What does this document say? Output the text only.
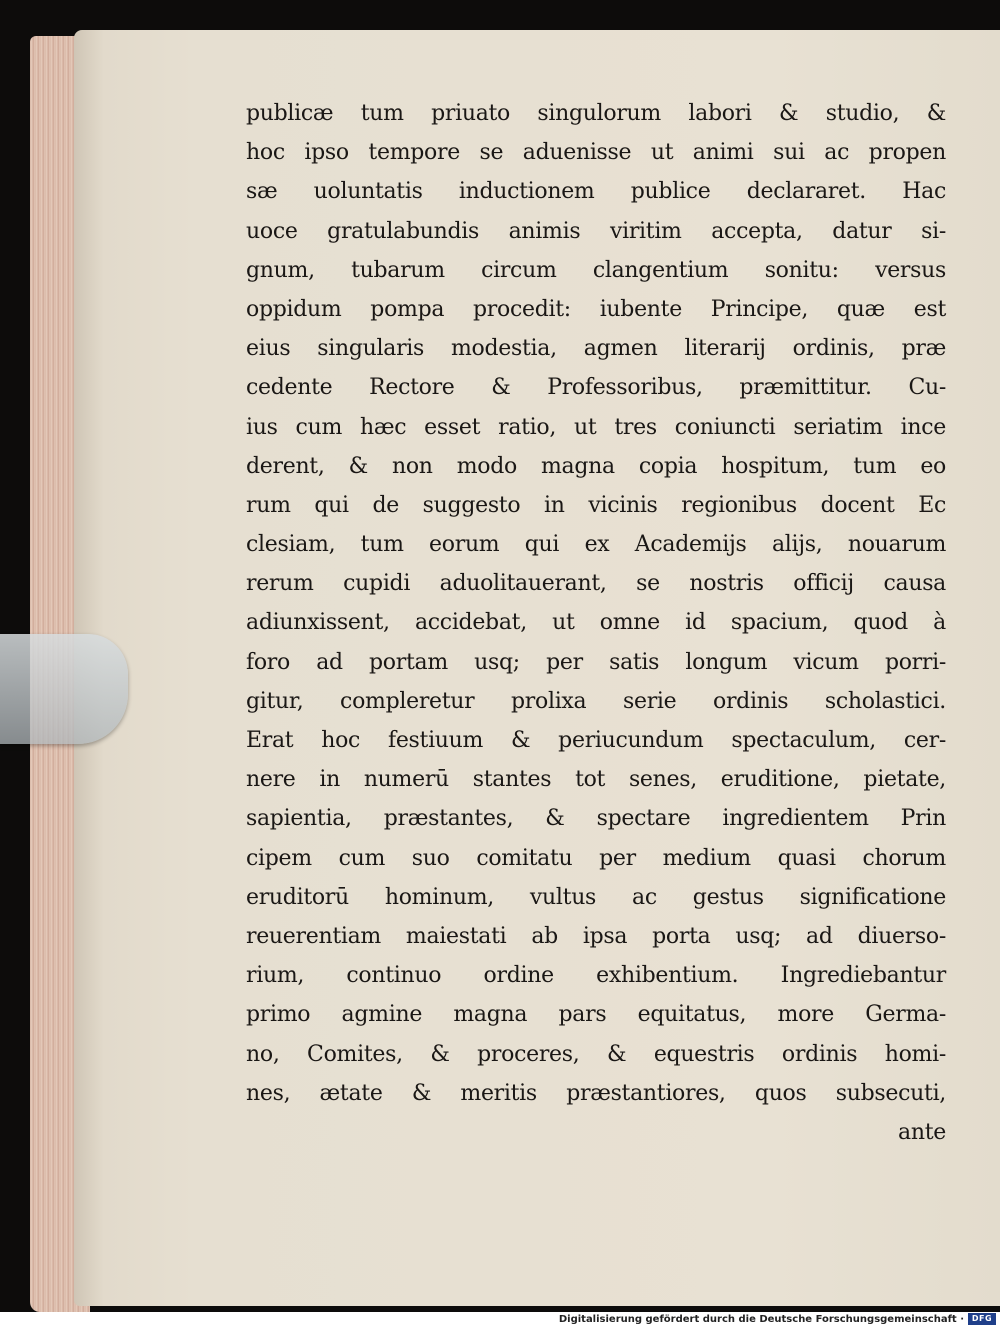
publicæ tum priuato singulorum labori & studio, &
hoc ipso tempore se aduenisse ut animi sui ac propen
sæ uoluntatis inductionem publice declararet. Hac
uoce gratulabundis animis viritim accepta, datur si-
gnum, tubarum circum clangentium sonitu: versus
oppidum pompa procedit: iubente Principe, quæ est
eius singularis modestia, agmen literarij ordinis, præ
cedente Rectore & Professoribus, præmittitur. Cu-
ius cum hæc esset ratio, ut tres coniuncti seriatim ince
derent, & non modo magna copia hospitum, tum eo
rum qui de suggesto in vicinis regionibus docent Ec
clesiam, tum eorum qui ex Academijs alijs, nouarum
rerum cupidi aduolitauerant, se nostris officij causa
adiunxissent, accidebat, ut omne id spacium, quod à
foro ad portam usq; per satis longum vicum porri-
gitur, compleretur prolixa serie ordinis scholastici.
Erat hoc festiuum & periucundum spectaculum, cer-
nere in numerū stantes tot senes, eruditione, pietate,
sapientia, præstantes, & spectare ingredientem Prin
cipem cum suo comitatu per medium quasi chorum
eruditorū hominum, vultus ac gestus significatione
reuerentiam maiestati ab ipsa porta usq; ad diuerso-
rium, continuo ordine exhibentium. Ingrediebantur
primo agmine magna pars equitatus, more Germa-
no, Comites, & proceres, & equestris ordinis homi-
nes, ætate & meritis præstantiores, quos subsecuti,
ante
Digitalisierung gefördert durch die Deutsche Forschungsgemeinschaft · DFG
